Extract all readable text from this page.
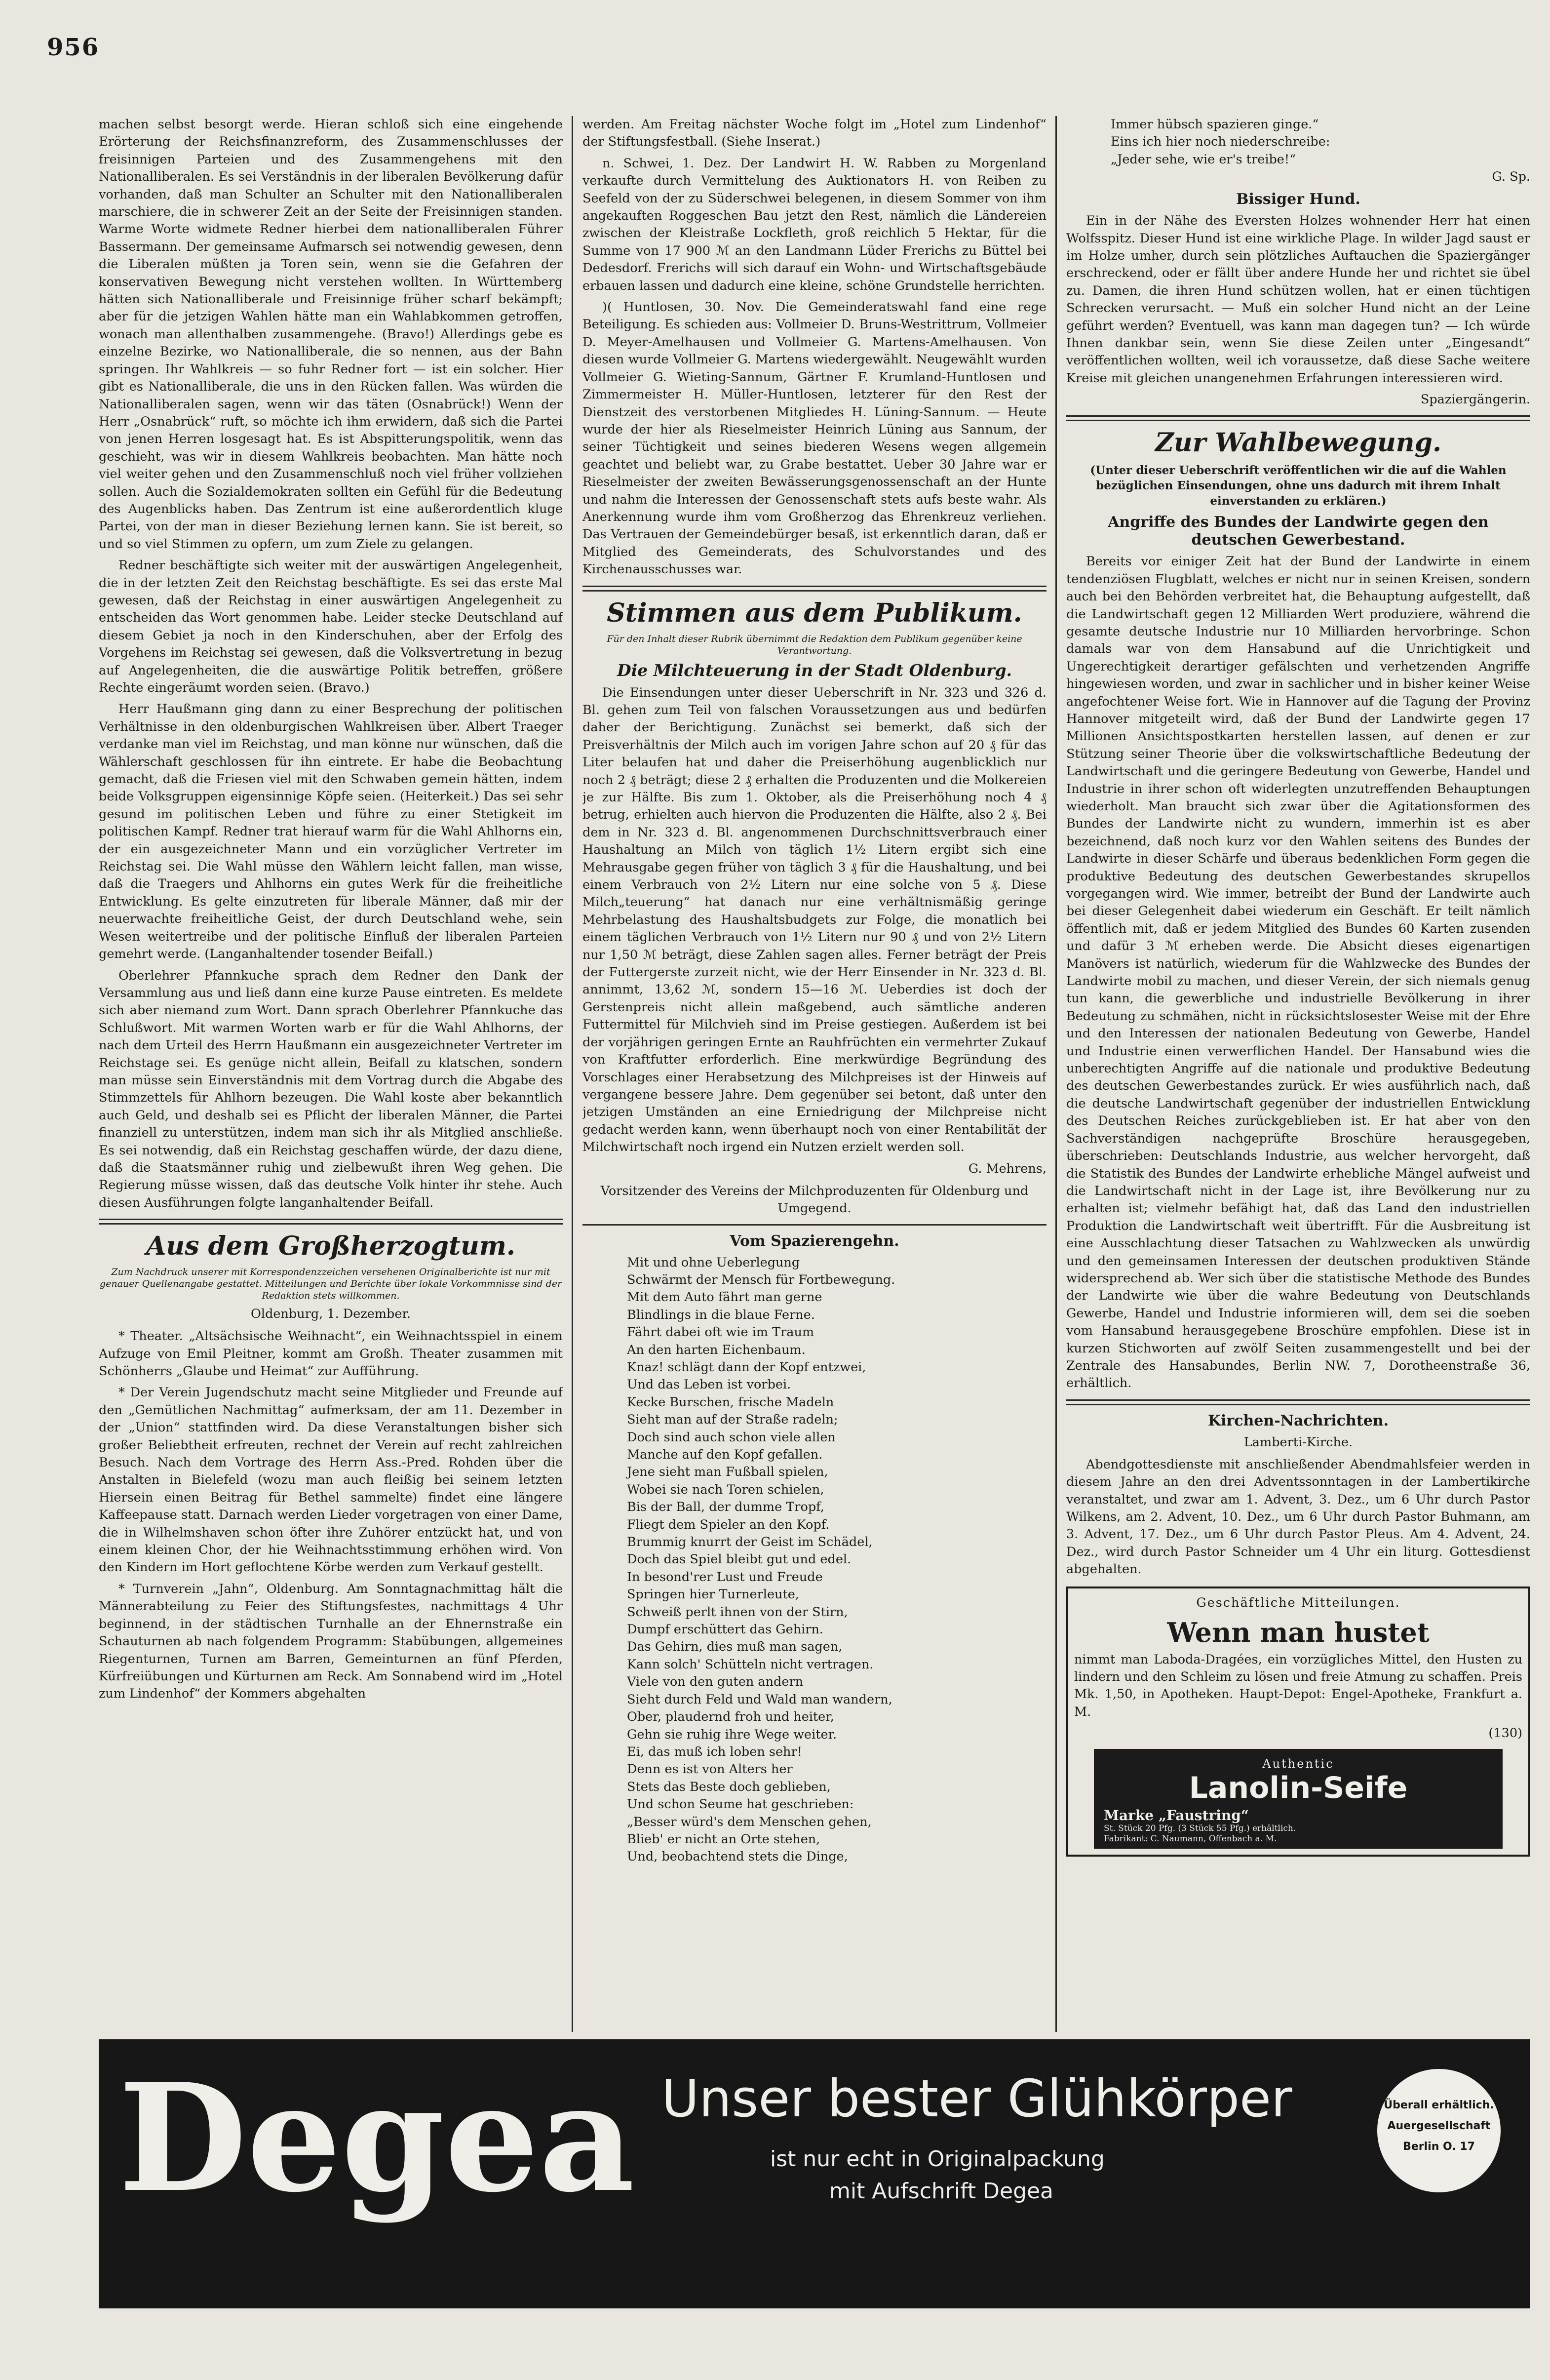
956

machen selbst besorgt werde. Hieran schloß sich eine eingehende Erörterung der Reichsfinanzreform, des Zusammenschlusses der freisinnigen Parteien und des Zusammengehens mit den Nationalliberalen. Es sei Verständnis in der liberalen Bevölkerung dafür vorhanden, daß man Schulter an Schulter mit den Nationalliberalen marschiere, die in schwerer Zeit an der Seite der Freisinnigen standen. Warme Worte widmete Redner hierbei dem nationalliberalen Führer Bassermann. Der gemeinsame Aufmarsch sei notwendig gewesen, denn die Liberalen müßten ja Toren sein, wenn sie die Gefahren der konservativen Bewegung nicht verstehen wollten. In Württemberg hätten sich Nationalliberale und Freisinnige früher scharf bekämpft; aber für die jetzigen Wahlen hätte man ein Wahlabkommen getroffen, wonach man allenthalben zusammengehe. (Bravo!) Allerdings gebe es einzelne Bezirke, wo Nationalliberale, die so nennen, aus der Bahn springen. Ihr Wahlkreis — so fuhr Redner fort — ist ein solcher. Hier gibt es Nationalliberale, die uns in den Rücken fallen. Was würden die Nationalliberalen sagen, wenn wir das täten (Osnabrück!) Wenn der Herr „Osnabrück“ ruft, so möchte ich ihm erwidern, daß sich die Partei von jenen Herren losgesagt hat. Es ist Abspitterungspolitik, wenn das geschieht, was wir in diesem Wahlkreis beobachten. Man hätte noch viel weiter gehen und den Zusammenschluß noch viel früher vollziehen sollen. Auch die Sozialdemokraten sollten ein Gefühl für die Bedeutung des Augenblicks haben. Das Zentrum ist eine außerordentlich kluge Partei, von der man in dieser Beziehung lernen kann. Sie ist bereit, so und so viel Stimmen zu opfern, um zum Ziele zu gelangen.

Redner beschäftigte sich weiter mit der auswärtigen Angelegenheit, die in der letzten Zeit den Reichstag beschäftigte. Es sei das erste Mal gewesen, daß der Reichstag in einer auswärtigen Angelegenheit zu entscheiden das Wort genommen habe. Leider stecke Deutschland auf diesem Gebiet ja noch in den Kinderschuhen, aber der Erfolg des Vorgehens im Reichstag sei gewesen, daß die Volksvertretung in bezug auf Angelegenheiten, die die auswärtige Politik betreffen, größere Rechte eingeräumt worden seien. (Bravo.)

Herr Haußmann ging dann zu einer Besprechung der politischen Verhältnisse in den oldenburgischen Wahlkreisen über. Albert Traeger verdanke man viel im Reichstag, und man könne nur wünschen, daß die Wählerschaft geschlossen für ihn eintrete. Er habe die Beobachtung gemacht, daß die Friesen viel mit den Schwaben gemein hätten, indem beide Volksgruppen eigensinnige Köpfe seien. (Heiterkeit.) Das sei sehr gesund im politischen Leben und führe zu einer Stetigkeit im politischen Kampf. Redner trat hierauf warm für die Wahl Ahlhorns ein, der ein ausgezeichneter Mann und ein vorzüglicher Vertreter im Reichstag sei. Die Wahl müsse den Wählern leicht fallen, man wisse, daß die Traegers und Ahlhorns ein gutes Werk für die freiheitliche Entwicklung. Es gelte einzutreten für liberale Männer, daß mir der neuerwachte freiheitliche Geist, der durch Deutschland wehe, sein Wesen weitertreibe und der politische Einfluß der liberalen Parteien gemehrt werde. (Langanhaltender tosender Beifall.)

Oberlehrer Pfannkuche sprach dem Redner den Dank der Versammlung aus und ließ dann eine kurze Pause eintreten. Es meldete sich aber niemand zum Wort. Dann sprach Oberlehrer Pfannkuche das Schlußwort. Mit warmen Worten warb er für die Wahl Ahlhorns, der nach dem Urteil des Herrn Haußmann ein ausgezeichneter Vertreter im Reichstage sei. Es genüge nicht allein, Beifall zu klatschen, sondern man müsse sein Einverständnis mit dem Vortrag durch die Abgabe des Stimmzettels für Ahlhorn bezeugen. Die Wahl koste aber bekanntlich auch Geld, und deshalb sei es Pflicht der liberalen Männer, die Partei finanziell zu unterstützen, indem man sich ihr als Mitglied anschließe. Es sei notwendig, daß ein Reichstag geschaffen würde, der dazu diene, daß die Staatsmänner ruhig und zielbewußt ihren Weg gehen. Die Regierung müsse wissen, daß das deutsche Volk hinter ihr stehe. Auch diesen Ausführungen folgte langanhaltender Beifall.

Aus dem Großherzogtum.
Zum Nachdruck unserer mit Korrespondenzzeichen versehenen Originalberichte ist nur mit genauer Quellenangabe gestattet. Mitteilungen und Berichte über lokale Vorkommnisse sind der Redaktion stets willkommen.
Oldenburg, 1. Dezember.

* Theater. „Altsächsische Weihnacht“, ein Weihnachtsspiel in einem Aufzuge von Emil Pleitner, kommt am Großh. Theater zusammen mit Schönherrs „Glaube und Heimat“ zur Aufführung.

* Der Verein Jugendschutz macht seine Mitglieder und Freunde auf den „Gemütlichen Nachmittag“ aufmerksam, der am 11. Dezember in der „Union“ stattfinden wird. Da diese Veranstaltungen bisher sich großer Beliebtheit erfreuten, rechnet der Verein auf recht zahlreichen Besuch. Nach dem Vortrage des Herrn Ass.-Pred. Rohden über die Anstalten in Bielefeld (wozu man auch fleißig bei seinem letzten Hiersein einen Beitrag für Bethel sammelte) findet eine längere Kaffeepause statt. Darnach werden Lieder vorgetragen von einer Dame, die in Wilhelmshaven schon öfter ihre Zuhörer entzückt hat, und von einem kleinen Chor, der hie Weihnachtsstimmung erhöhen wird. Von den Kindern im Hort geflochtene Körbe werden zum Verkauf gestellt.

* Turnverein „Jahn“, Oldenburg. Am Sonntagnachmittag hält die Männerabteilung zu Feier des Stiftungsfestes, nachmittags 4 Uhr beginnend, in der städtischen Turnhalle an der Ehnernstraße ein Schauturnen ab nach folgendem Programm: Stabübungen, allgemeines Riegenturnen, Turnen am Barren, Gemeinturnen an fünf Pferden, Kürfreiübungen und Kürturnen am Reck. Am Sonnabend wird im „Hotel zum Lindenhof“ der Kommers abgehalten

werden. Am Freitag nächster Woche folgt im „Hotel zum Lindenhof“ der Stiftungsfestball. (Siehe Inserat.)

n. Schwei, 1. Dez. Der Landwirt H. W. Rabben zu Morgenland verkaufte durch Vermittelung des Auktionators H. von Reiben zu Seefeld von der zu Süderschwei belegenen, in diesem Sommer von ihm angekauften Roggeschen Bau jetzt den Rest, nämlich die Ländereien zwischen der Kleistraße Lockfleth, groß reichlich 5 Hektar, für die Summe von 17 900 ℳ an den Landmann Lüder Frerichs zu Büttel bei Dedesdorf. Frerichs will sich darauf ein Wohn- und Wirtschaftsgebäude erbauen lassen und dadurch eine kleine, schöne Grundstelle herrichten.

)( Huntlosen, 30. Nov. Die Gemeinderatswahl fand eine rege Beteiligung. Es schieden aus: Vollmeier D. Bruns-Westrittrum, Vollmeier D. Meyer-Amelhausen und Vollmeier G. Martens-Amelhausen. Von diesen wurde Vollmeier G. Martens wiedergewählt. Neugewählt wurden Vollmeier G. Wieting-Sannum, Gärtner F. Krumland-Huntlosen und Zimmermeister H. Müller-Huntlosen, letzterer für den Rest der Dienstzeit des verstorbenen Mitgliedes H. Lüning-Sannum. — Heute wurde der hier als Rieselmeister Heinrich Lüning aus Sannum, der seiner Tüchtigkeit und seines biederen Wesens wegen allgemein geachtet und beliebt war, zu Grabe bestattet. Ueber 30 Jahre war er Rieselmeister der zweiten Bewässerungsgenossenschaft an der Hunte und nahm die Interessen der Genossenschaft stets aufs beste wahr. Als Anerkennung wurde ihm vom Großherzog das Ehrenkreuz verliehen. Das Vertrauen der Gemeindebürger besaß, ist erkenntlich daran, daß er Mitglied des Gemeinderats, des Schulvorstandes und des Kirchenausschusses war.

Stimmen aus dem Publikum.
Für den Inhalt dieser Rubrik übernimmt die Redaktion dem Publikum gegenüber keine Verantwortung.
Die Milchteuerung in der Stadt Oldenburg.

Die Einsendungen unter dieser Ueberschrift in Nr. 323 und 326 d. Bl. gehen zum Teil von falschen Voraussetzungen aus und bedürfen daher der Berichtigung. Zunächst sei bemerkt, daß sich der Preisverhältnis der Milch auch im vorigen Jahre schon auf 20 ₰ für das Liter belaufen hat und daher die Preiserhöhung augenblicklich nur noch 2 ₰ beträgt; diese 2 ₰ erhalten die Produzenten und die Molkereien je zur Hälfte. Bis zum 1. Oktober, als die Preiserhöhung noch 4 ₰ betrug, erhielten auch hiervon die Produzenten die Hälfte, also 2 ₰. Bei dem in Nr. 323 d. Bl. angenommenen Durchschnittsverbrauch einer Haushaltung an Milch von täglich 1½ Litern ergibt sich eine Mehrausgabe gegen früher von täglich 3 ₰ für die Haushaltung, und bei einem Verbrauch von 2½ Litern nur eine solche von 5 ₰. Diese Milch„teuerung“ hat danach nur eine verhältnismäßig geringe Mehrbelastung des Haushaltsbudgets zur Folge, die monatlich bei einem täglichen Verbrauch von 1½ Litern nur 90 ₰ und von 2½ Litern nur 1,50 ℳ beträgt, diese Zahlen sagen alles. Ferner beträgt der Preis der Futtergerste zurzeit nicht, wie der Herr Einsender in Nr. 323 d. Bl. annimmt, 13,62 ℳ, sondern 15—16 ℳ. Ueberdies ist doch der Gerstenpreis nicht allein maßgebend, auch sämtliche anderen Futtermittel für Milchvieh sind im Preise gestiegen. Außerdem ist bei der vorjährigen geringen Ernte an Rauhfrüchten ein vermehrter Zukauf von Kraftfutter erforderlich. Eine merkwürdige Begründung des Vorschlages einer Herabsetzung des Milchpreises ist der Hinweis auf vergangene bessere Jahre. Dem gegenüber sei betont, daß unter den jetzigen Umständen an eine Erniedrigung der Milchpreise nicht gedacht werden kann, wenn überhaupt noch von einer Rentabilität der Milchwirtschaft noch irgend ein Nutzen erzielt werden soll.

G. Mehrens,
Vorsitzender des Vereins der Milchproduzenten für Oldenburg und Umgegend.
Vom Spazierengehn.

Mit und ohne Ueberlegung

Schwärmt der Mensch für Fortbewegung.

Mit dem Auto fährt man gerne

Blindlings in die blaue Ferne.

Fährt dabei oft wie im Traum

An den harten Eichenbaum.

Knaz! schlägt dann der Kopf entzwei,

Und das Leben ist vorbei.

Kecke Burschen, frische Madeln

Sieht man auf der Straße radeln;

Doch sind auch schon viele allen

Manche auf den Kopf gefallen.

Jene sieht man Fußball spielen,

Wobei sie nach Toren schielen,

Bis der Ball, der dumme Tropf,

Fliegt dem Spieler an den Kopf.

Brummig knurrt der Geist im Schädel,

Doch das Spiel bleibt gut und edel.

In besond'rer Lust und Freude

Springen hier Turnerleute,

Schweiß perlt ihnen von der Stirn,

Dumpf erschüttert das Gehirn.

Das Gehirn, dies muß man sagen,

Kann solch' Schütteln nicht vertragen.

Viele von den guten andern

Sieht durch Feld und Wald man wandern,

Ober, plaudernd froh und heiter,

Gehn sie ruhig ihre Wege weiter.

Ei, das muß ich loben sehr!

Denn es ist von Alters her

Stets das Beste doch geblieben,

Und schon Seume hat geschrieben:

„Besser würd's dem Menschen gehen,

Blieb' er nicht an Orte stehen,

Und, beobachtend stets die Dinge,

Immer hübsch spazieren ginge.“

Eins ich hier noch niederschreibe:

„Jeder sehe, wie er's treibe!“

G. Sp.
Bissiger Hund.

Ein in der Nähe des Eversten Holzes wohnender Herr hat einen Wolfsspitz. Dieser Hund ist eine wirkliche Plage. In wilder Jagd saust er im Holze umher, durch sein plötzliches Auftauchen die Spaziergänger erschreckend, oder er fällt über andere Hunde her und richtet sie übel zu. Damen, die ihren Hund schützen wollen, hat er einen tüchtigen Schrecken verursacht. — Muß ein solcher Hund nicht an der Leine geführt werden? Eventuell, was kann man dagegen tun? — Ich würde Ihnen dankbar sein, wenn Sie diese Zeilen unter „Eingesandt“ veröffentlichen wollten, weil ich voraussetze, daß diese Sache weitere Kreise mit gleichen unangenehmen Erfahrungen interessieren wird.

Spaziergängerin.
Zur Wahlbewegung.
(Unter dieser Ueberschrift veröffentlichen wir die auf die Wahlen bezüglichen Einsendungen, ohne uns dadurch mit ihrem Inhalt einverstanden zu erklären.)
Angriffe des Bundes der Landwirte gegen den deutschen Gewerbestand.

Bereits vor einiger Zeit hat der Bund der Landwirte in einem tendenziösen Flugblatt, welches er nicht nur in seinen Kreisen, sondern auch bei den Behörden verbreitet hat, die Behauptung aufgestellt, daß die Landwirtschaft gegen 12 Milliarden Wert produziere, während die gesamte deutsche Industrie nur 10 Milliarden hervorbringe. Schon damals war von dem Hansabund auf die Unrichtigkeit und Ungerechtigkeit derartiger gefälschten und verhetzenden Angriffe hingewiesen worden, und zwar in sachlicher und in bisher keiner Weise angefochtener Weise fort. Wie in Hannover auf die Tagung der Provinz Hannover mitgeteilt wird, daß der Bund der Landwirte gegen 17 Millionen Ansichtspostkarten herstellen lassen, auf denen er zur Stützung seiner Theorie über die volkswirtschaftliche Bedeutung der Landwirtschaft und die geringere Bedeutung von Gewerbe, Handel und Industrie in ihrer schon oft widerlegten unzutreffenden Behauptungen wiederholt. Man braucht sich zwar über die Agitationsformen des Bundes der Landwirte nicht zu wundern, immerhin ist es aber bezeichnend, daß noch kurz vor den Wahlen seitens des Bundes der Landwirte in dieser Schärfe und überaus bedenklichen Form gegen die produktive Bedeutung des deutschen Gewerbestandes skrupellos vorgegangen wird. Wie immer, betreibt der Bund der Landwirte auch bei dieser Gelegenheit dabei wiederum ein Geschäft. Er teilt nämlich öffentlich mit, daß er jedem Mitglied des Bundes 60 Karten zusenden und dafür 3 ℳ erheben werde. Die Absicht dieses eigenartigen Manövers ist natürlich, wiederum für die Wahlzwecke des Bundes der Landwirte mobil zu machen, und dieser Verein, der sich niemals genug tun kann, die gewerbliche und industrielle Bevölkerung in ihrer Bedeutung zu schmähen, nicht in rücksichtslosester Weise mit der Ehre und den Interessen der nationalen Bedeutung von Gewerbe, Handel und Industrie einen verwerflichen Handel. Der Hansabund wies die unberechtigten Angriffe auf die nationale und produktive Bedeutung des deutschen Gewerbestandes zurück. Er wies ausführlich nach, daß die deutsche Landwirtschaft gegenüber der industriellen Entwicklung des Deutschen Reiches zurückgeblieben ist. Er hat aber von den Sachverständigen nachgeprüfte Broschüre herausgegeben, überschrieben: Deutschlands Industrie, aus welcher hervorgeht, daß die Statistik des Bundes der Landwirte erhebliche Mängel aufweist und die Landwirtschaft nicht in der Lage ist, ihre Bevölkerung nur zu erhalten ist; vielmehr befähigt hat, daß das Land den industriellen Produktion die Landwirtschaft weit übertrifft. Für die Ausbreitung ist eine Ausschlachtung dieser Tatsachen zu Wahlzwecken als unwürdig und den gemeinsamen Interessen der deutschen produktiven Stände widersprechend ab. Wer sich über die statistische Methode des Bundes der Landwirte wie über die wahre Bedeutung von Deutschlands Gewerbe, Handel und Industrie informieren will, dem sei die soeben vom Hansabund herausgegebene Broschüre empfohlen. Diese ist in kurzen Stichworten auf zwölf Seiten zusammengestellt und bei der Zentrale des Hansabundes, Berlin NW. 7, Dorotheenstraße 36, erhältlich.

Kirchen-Nachrichten.
Lamberti-Kirche.

Abendgottesdienste mit anschließender Abendmahlsfeier werden in diesem Jahre an den drei Adventssonntagen in der Lambertikirche veranstaltet, und zwar am 1. Advent, 3. Dez., um 6 Uhr durch Pastor Wilkens, am 2. Advent, 10. Dez., um 6 Uhr durch Pastor Buhmann, am 3. Advent, 17. Dez., um 6 Uhr durch Pastor Pleus. Am 4. Advent, 24. Dez., wird durch Pastor Schneider um 4 Uhr ein liturg. Gottesdienst abgehalten.

Geschäftliche Mitteilungen.
Wenn man hustet

nimmt man Laboda-Dragées, ein vorzügliches Mittel, den Husten zu lindern und den Schleim zu lösen und freie Atmung zu schaffen. Preis Mk. 1,50, in Apotheken. Haupt-Depot: Engel-Apotheke, Frankfurt a. M.

(130)
Authentic
Lanolin-Seife
Marke „Faustring“
St. Stück 20 Pfg. (3 Stück 55 Pfg.) erhältlich.
Fabrikant: C. Naumann, Offenbach a. M.
Degea Unser bester Glühkörper
ist nur echt in Originalpackung
mit Aufschrift Degea
Überall erhältlich.
Auergesellschaft
Berlin O. 17
